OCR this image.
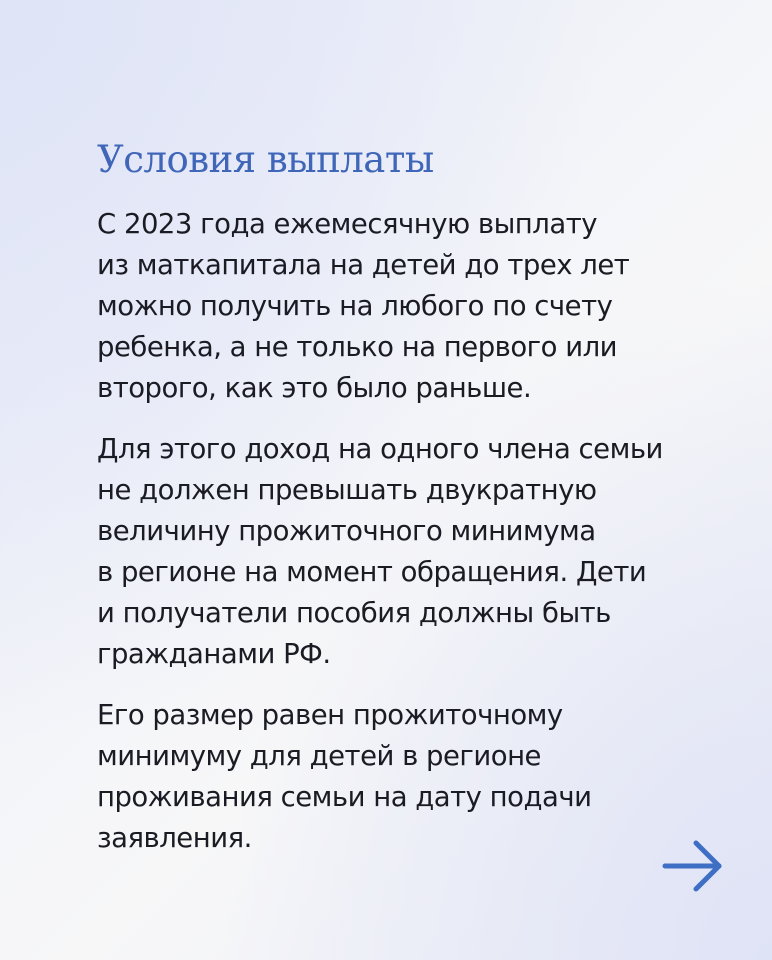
Условия выплаты

С 2023 года ежемесячную выплату
из маткапитала на детей до трех лет
можно получить на любого по счету
ребенка, а не только на первого или
второго, как это было раньше.

Для этого доход на одного члена семьи
не должен превышать двукратную
величину прожиточного минимума
в регионе на момент обращения. Дети
и получатели пособия должны быть
гражданами РФ.

Его размер равен прожиточному
минимуму для детей в регионе
проживания семьи на дату подачи
заявления.
